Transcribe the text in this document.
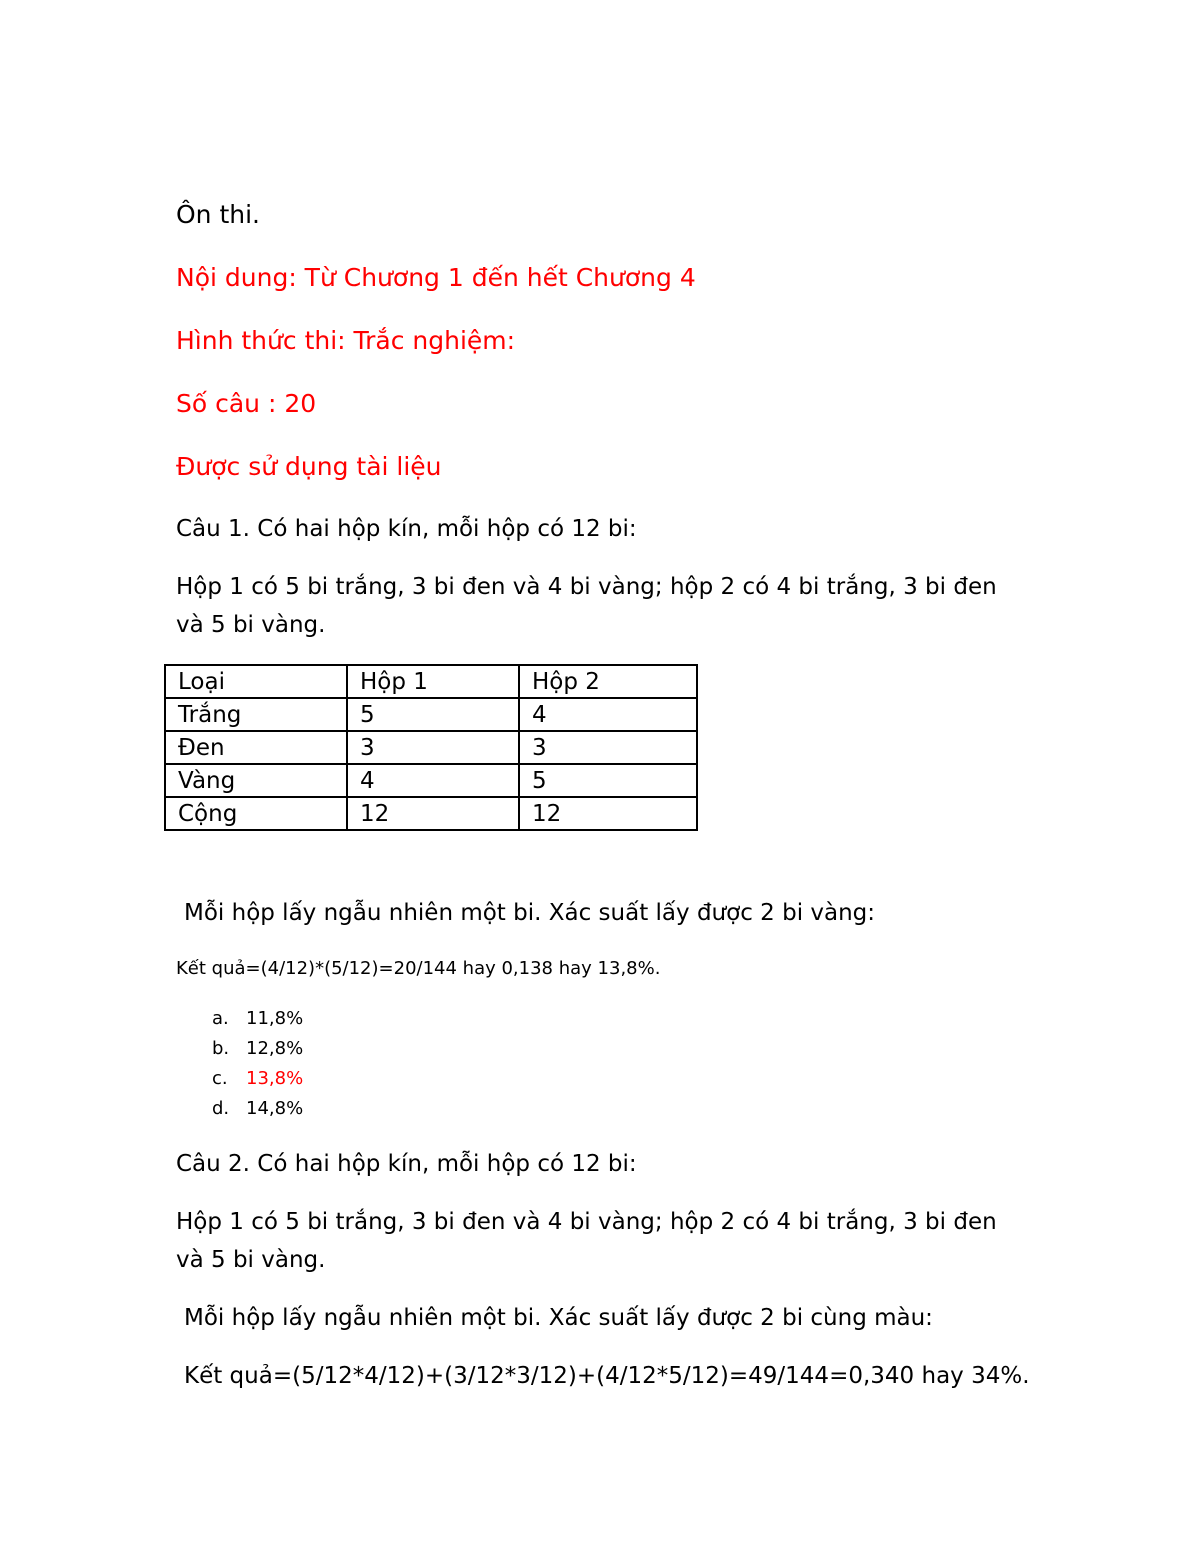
Ôn thi.

Nội dung: Từ Chương 1 đến hết Chương 4

Hình thức thi: Trắc nghiệm:

Số câu : 20

Được sử dụng tài liệu

Câu 1. Có hai hộp kín, mỗi hộp có 12 bi:

Hộp 1 có 5 bi trắng, 3 bi đen và 4 bi vàng; hộp 2 có 4 bi trắng, 3 bi đen và 5 bi vàng.

Loại	Hộp 1	Hộp 2
Trắng	5	4
Đen	3	3
Vàng	4	5
Cộng	12	12

Mỗi hộp lấy ngẫu nhiên một bi. Xác suất lấy được 2 bi vàng:

Kết quả=(4/12)*(5/12)=20/144 hay 0,138 hay 13,8%.

a. 11,8%
b. 12,8%
c. 13,8%
d. 14,8%

Câu 2. Có hai hộp kín, mỗi hộp có 12 bi:

Hộp 1 có 5 bi trắng, 3 bi đen và 4 bi vàng; hộp 2 có 4 bi trắng, 3 bi đen và 5 bi vàng.

Mỗi hộp lấy ngẫu nhiên một bi. Xác suất lấy được 2 bi cùng màu:

Kết quả=(5/12*4/12)+(3/12*3/12)+(4/12*5/12)=49/144=0,340 hay 34%.
